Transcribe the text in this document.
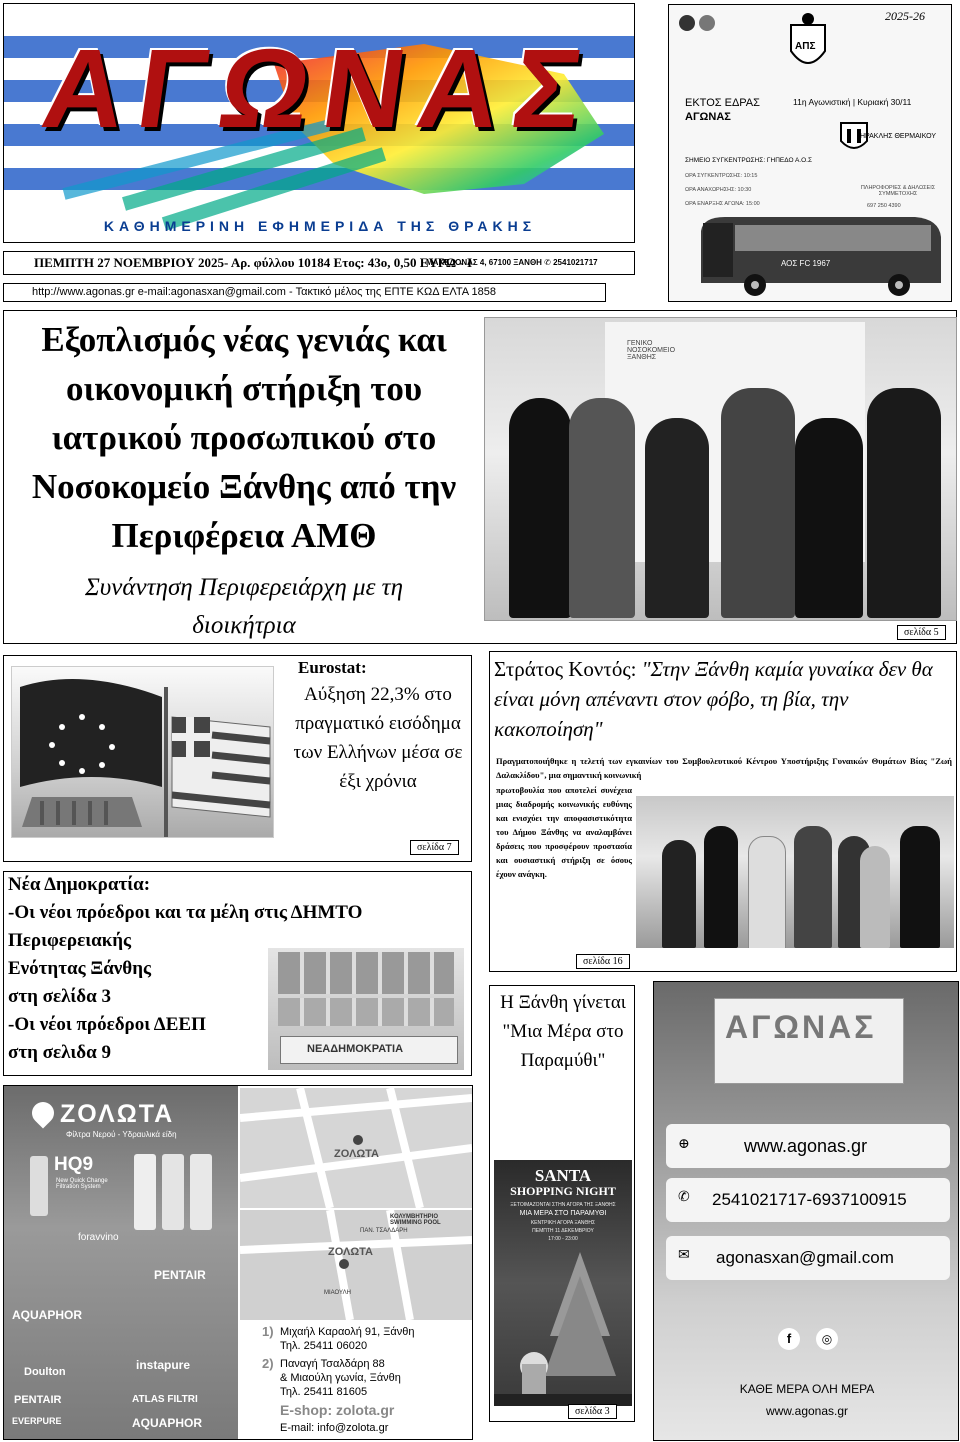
ΑΓΩΝΑΣ
ΚΑΘΗΜΕΡΙΝΗ ΕΦΗΜΕΡΙΔΑ ΤΗΣ ΘΡΑΚΗΣ
ΠΕΜΠΤΗ 27 ΝΟΕΜΒΡΙΟΥ 2025- Αρ. φύλλου 10184 Ετος: 43ο, 0,50 ΕΥΡΩ - Ι
ΜΑΚΕΔΟΝΑΣ 4, 67100 ΞΑΝΘΗ ✆ 2541021717
http://www.agonas.gr e-mail:agonasxan@gmail.com - Τακτικό μέλος της ΕΠΤΕ ΚΩΔ ΕΛΤΑ 1858
2025-26
ΑΠΣ
ΕΚΤΟΣ ΕΔΡΑΣ
ΑΓΩΝΑΣ
11η Αγωνιστική | Κυριακή 30/11
ΗΡΑΚΛΗΣ ΘΕΡΜΑΙΚΟΥ
ΣΗΜΕΙΟ ΣΥΓΚΕΝΤΡΩΣΗΣ: ΓΗΠΕΔΟ Α.Ο.Σ
ΩΡΑ ΣΥΓΚΕΝΤΡΩΣΗΣ: 10:15
ΩΡΑ ΑΝΑΧΩΡΗΣΗΣ: 10:30
ΩΡΑ ΕΝΑΡΞΗΣ ΑΓΩΝΑ: 15:00
ΠΛΗΡΟΦΟΡΙΕΣ & ΔΗΛΩΣΕΙΣ ΣΥΜΜΕΤΟΧΗΣ
697 250 4390
ΑΟΣ FC 1967
Εξοπλισμός νέας γενιάς και οικονομική στήριξη του ιατρικού προσωπικού στο Νοσοκομείο Ξάνθης από την Περιφέρεια ΑΜΘ
Συνάντηση Περιφερειάρχη με τη διοικήτρια
ΓΕΝΙΚΟ ΝΟΣΟΚΟΜΕΙΟ ΞΑΝΘΗΣ
σελίδα 5
Eurostat:
Αύξηση 22,3% στο πραγματικό εισόδημα των Ελλήνων μέσα σε έξι χρόνια
σελίδα 7
Στράτος Κοντός: "Στην Ξάνθη καμία γυναίκα δεν θα είναι μόνη απέναντι στον φόβο, τη βία, την κακοποίηση"
Πραγματοποιήθηκε η τελετή των εγκαινίων του Συμβουλευτικού Κέντρου Υποστήριξης Γυναικών Θυμάτων Βίας "Ζωή Δαλακλίδου", μια σημαντική κοινωνική
πρωτοβουλία που αποτελεί συνέχεια μιας διαδρομής κοινωνικής ευθύνης και ενισχύει την αποφασιστικότητα του Δήμου Ξάνθης να αναλαμβάνει δράσεις που προσφέρουν προστασία και ουσιαστική στήριξη σε όσους έχουν ανάγκη.
σελίδα 16
Νέα Δημοκρατία:
-Οι νέοι πρόεδροι και τα μέλη στις ΔΗΜΤΟ
Περιφερειακής
Ενότητας Ξάνθης
στη σελίδα 3
-Οι νέοι πρόεδροι ΔΕΕΠ
στη σελιδα 9	ΝΕΑΔΗΜΟΚΡΑΤΙΑ
ΖΟΛΩΤΑ
Φίλτρα Νερού - Υδραυλικά είδη
HQ9
New Quick Change Filtration System
foravvino
PENTAIR
AQUAPHOR
Doulton	instapure
PENTAIR	ATLAS FILTRI
EVERPURE	AQUAPHOR
ΖΟΛΩΤΑ
ΚΟΛΥΜΒΗΤΗΡΙΟ SWIMMING POOL
ΠΑΝ. ΤΣΑΛΔΑΡΗ
ΜΙΑΟΥΛΗ
ΖΟΛΩΤΑ
1) Μιχαήλ Καραολή 91, Ξάνθη
Τηλ. 25411 06020
2) Παναγή Τσαλδάρη 88
& Μιαούλη γωνία, Ξάνθη
Τηλ. 25411 81605
E-shop: zolota.gr
E-mail: info@zolota.gr
Η Ξάνθη γίνεται "Μια Μέρα στο Παραμύθι"
SANTA
SHOPPING NIGHT
ΞΕΤΟΙΜΑΖΟΝΤΑΙ ΣΤΗΝ ΑΓΟΡΑ ΤΗΣ ΞΑΝΘΗΣ
ΜΙΑ ΜΕΡΑ ΣΤΟ ΠΑΡΑΜΥΘΙ
ΚΕΝΤΡΙΚΗ ΑΓΟΡΑ ΞΑΝΘΗΣ
ΠΕΜΠΤΗ 11 ΔΕΚΕΜΒΡΙΟΥ
17:00 - 23:00
σελίδα 3
ΑΓΩΝΑΣ
⊕	www.agonas.gr
✆ 2541021717-6937100915
✉ agonasxan@gmail.com
f	◎
ΚΑΘΕ ΜΕΡΑ ΟΛΗ ΜΕΡΑ
www.agonas.gr
